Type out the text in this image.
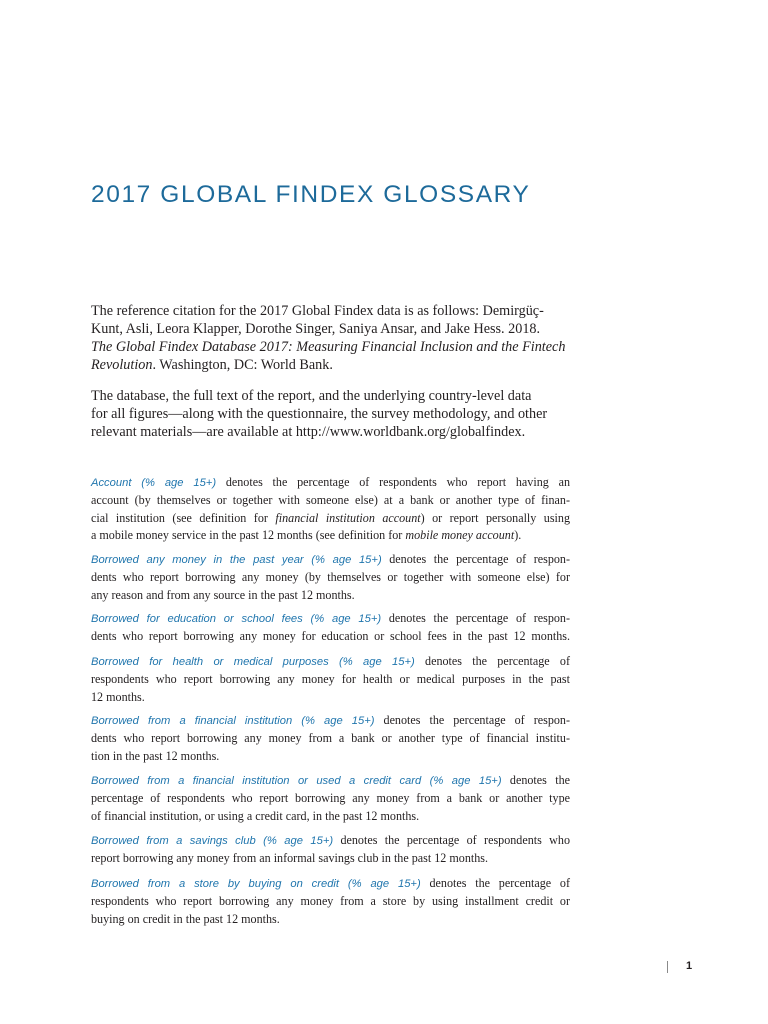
2017 GLOBAL FINDEX GLOSSARY

The reference citation for the 2017 Global Findex data is as follows: Demirgüç-
Kunt, Asli, Leora Klapper, Dorothe Singer, Saniya Ansar, and Jake Hess. 2018.
The Global Findex Database 2017: Measuring Financial Inclusion and the Fintech
Revolution. Washington, DC: World Bank.

The database, the full text of the report, and the underlying country-level data
for all figures—along with the questionnaire, the survey methodology, and other
relevant materials—are available at http://www.worldbank.org/globalfindex.

Account (% age 15+) denotes the percentage of respondents who report having an
account (by themselves or together with someone else) at a bank or another type of finan-
cial institution (see definition for financial institution account) or report personally using
a mobile money service in the past 12 months (see definition for mobile money account).

Borrowed any money in the past year (% age 15+) denotes the percentage of respon-
dents who report borrowing any money (by themselves or together with someone else) for
any reason and from any source in the past 12 months.

Borrowed for education or school fees (% age 15+) denotes the percentage of respon-
dents who report borrowing any money for education or school fees in the past 12 months.

Borrowed for health or medical purposes (% age 15+) denotes the percentage of
respondents who report borrowing any money for health or medical purposes in the past
12 months.

Borrowed from a financial institution (% age 15+) denotes the percentage of respon-
dents who report borrowing any money from a bank or another type of financial institu-
tion in the past 12 months.

Borrowed from a financial institution or used a credit card (% age 15+) denotes the
percentage of respondents who report borrowing any money from a bank or another type
of financial institution, or using a credit card, in the past 12 months.

Borrowed from a savings club (% age 15+) denotes the percentage of respondents who
report borrowing any money from an informal savings club in the past 12 months.

Borrowed from a store by buying on credit (% age 15+) denotes the percentage of
respondents who report borrowing any money from a store by using installment credit or
buying on credit in the past 12 months.

1
